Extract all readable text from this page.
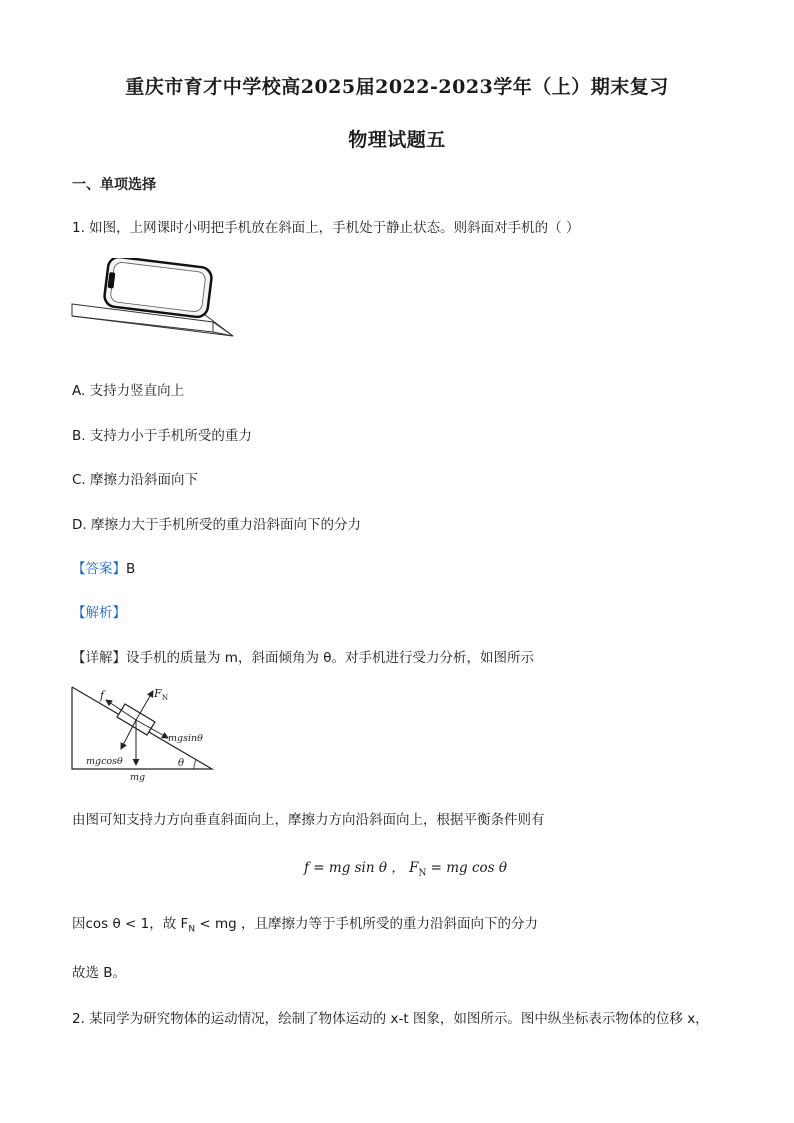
重庆市育才中学校高2025届2022-2023学年（上）期末复习
物理试题五
一、单项选择
1. 如图，上网课时小明把手机放在斜面上，手机处于静止状态。则斜面对手机的（ ）
A. 支持力竖直向上
B. 支持力小于手机所受的重力
C. 摩擦力沿斜面向下
D. 摩擦力大于手机所受的重力沿斜面向下的分力
【答案】B
【解析】
【详解】设手机的质量为 m，斜面倾角为 θ。对手机进行受力分析，如图所示
f	F N
mgsinθ
mgcosθ
mg
θ
由图可知支持力方向垂直斜面向上，摩擦力方向沿斜面向上，根据平衡条件则有
f = mg sin θ ， $F_N$ = mg cos θ
因cos θ < 1，故 $F_N$ < mg ，且摩擦力等于手机所受的重力沿斜面向下的分力
故选 B。
2. 某同学为研究物体的运动情况，绘制了物体运动的 x-t 图象，如图所示。图中纵坐标表示物体的位移 x，
